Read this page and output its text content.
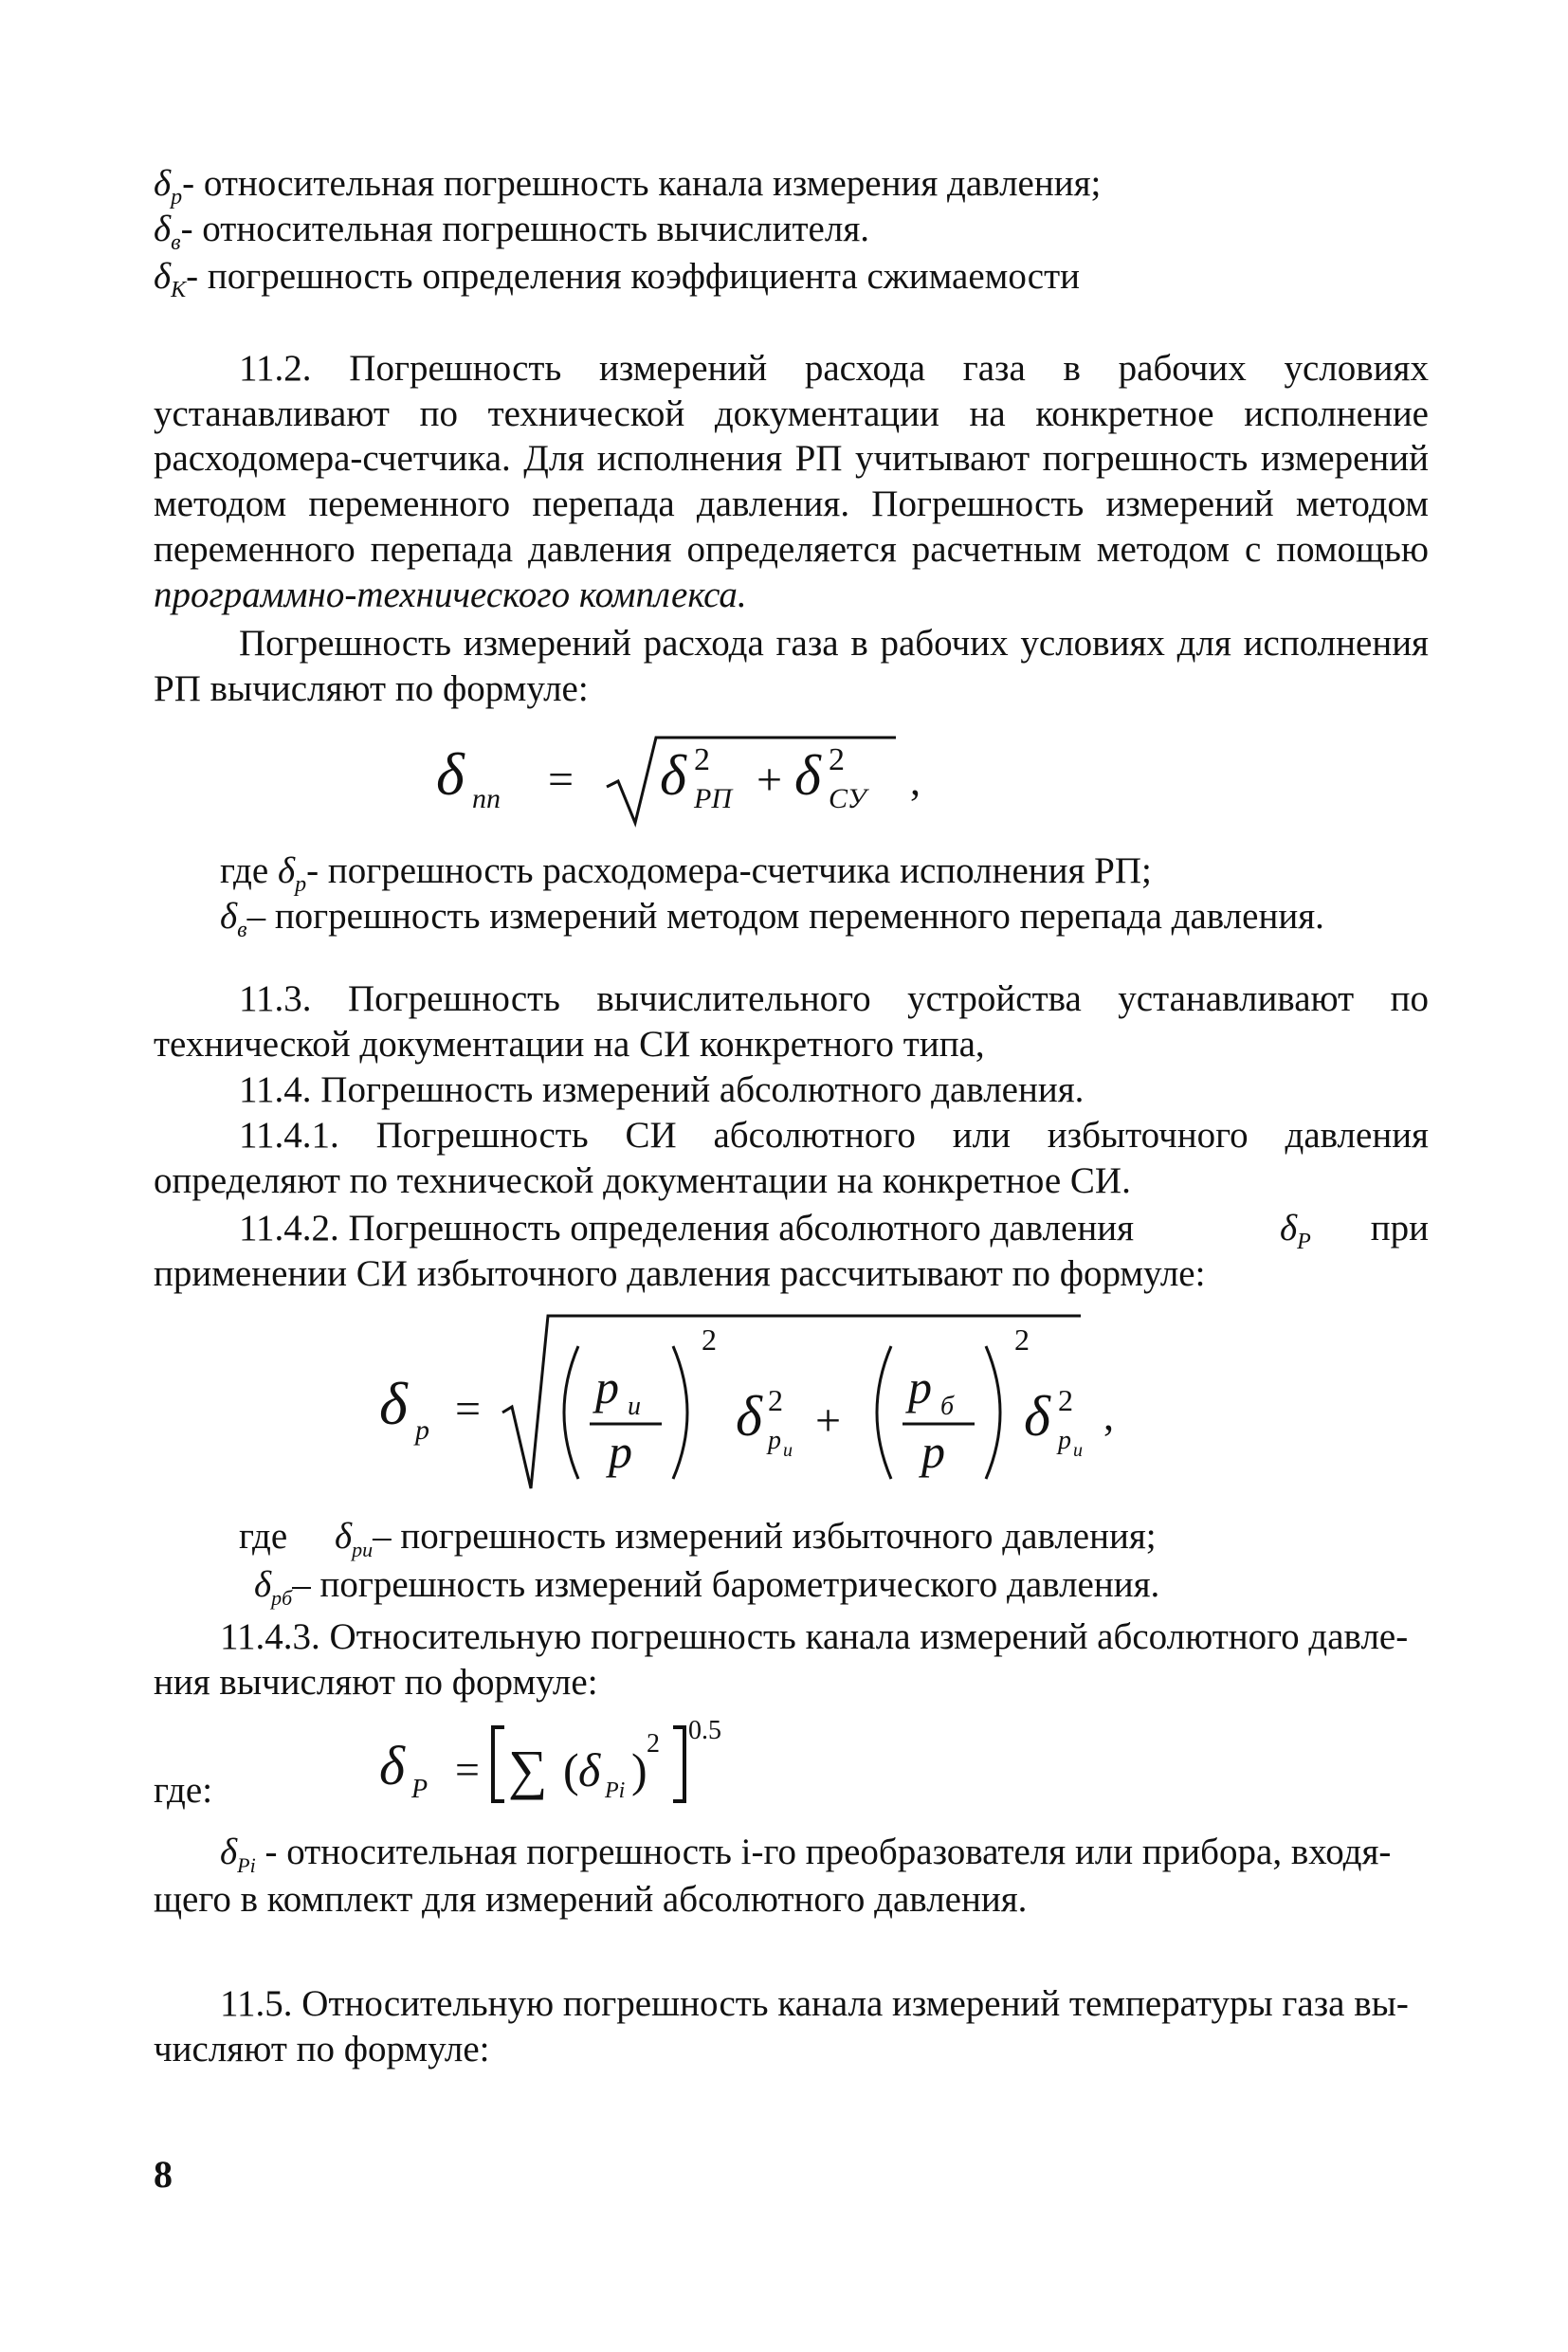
$\delta_p-$ относительная погрешность канала измерения давления;
$\delta_в-$ относительная погрешность вычислителя.
$\delta_K-$ погрешность определения коэффициента сжимаемости
11.2. Погрешность измерений расхода газа в рабочих условиях
устанавливают по технической документации на конкретное исполнение
расходомера-счетчика. Для исполнения РП учитывают погрешность измерений
методом переменного перепада давления. Погрешность измерений методом
переменного перепада давления определяется расчетным методом с помощью
программно-технического комплекса.
Погрешность измерений расхода газа в рабочих условиях для исполнения
РП вычисляют по формуле:
δ пп = δ 2
РП + δ 2
СУ ,
где $\delta_p-$ погрешность расходомера-счетчика исполнения РП;
$\delta_в-$ погрешность измерений методом переменного перепада давления.
11.3. Погрешность вычислительного устройства устанавливают по
технической документации на СИ конкретного типа,
11.4. Погрешность измерений абсолютного давления.
11.4.1. Погрешность СИ абсолютного или избыточного давления
определяют по технической документации на конкретное СИ.
11.4.2. Погрешность определения абсолютного давления	$\delta_P$ при
применении СИ избыточного давления рассчитывают по формуле:
δ p = p и
p
2
δ 2
p и
+
p б
p
2
δ 2
p и
,
где $\delta_{pи}-$ погрешность измерений избыточного давления;
$\delta_{pб}-$ погрешность измерений барометрического давления.
11.4.3. Относительную погрешность канала измерений абсолютного давле-
ния вычисляют по формуле:
δ P = ∑ ( δ Pi ) 2 0.5
где:
$\delta_{Pi}$ - относительная погрешность i-го преобразователя или прибора, входя-
щего в комплект для измерений абсолютного давления.
11.5. Относительную погрешность канала измерений температуры газа вы-
числяют по формуле:
8
